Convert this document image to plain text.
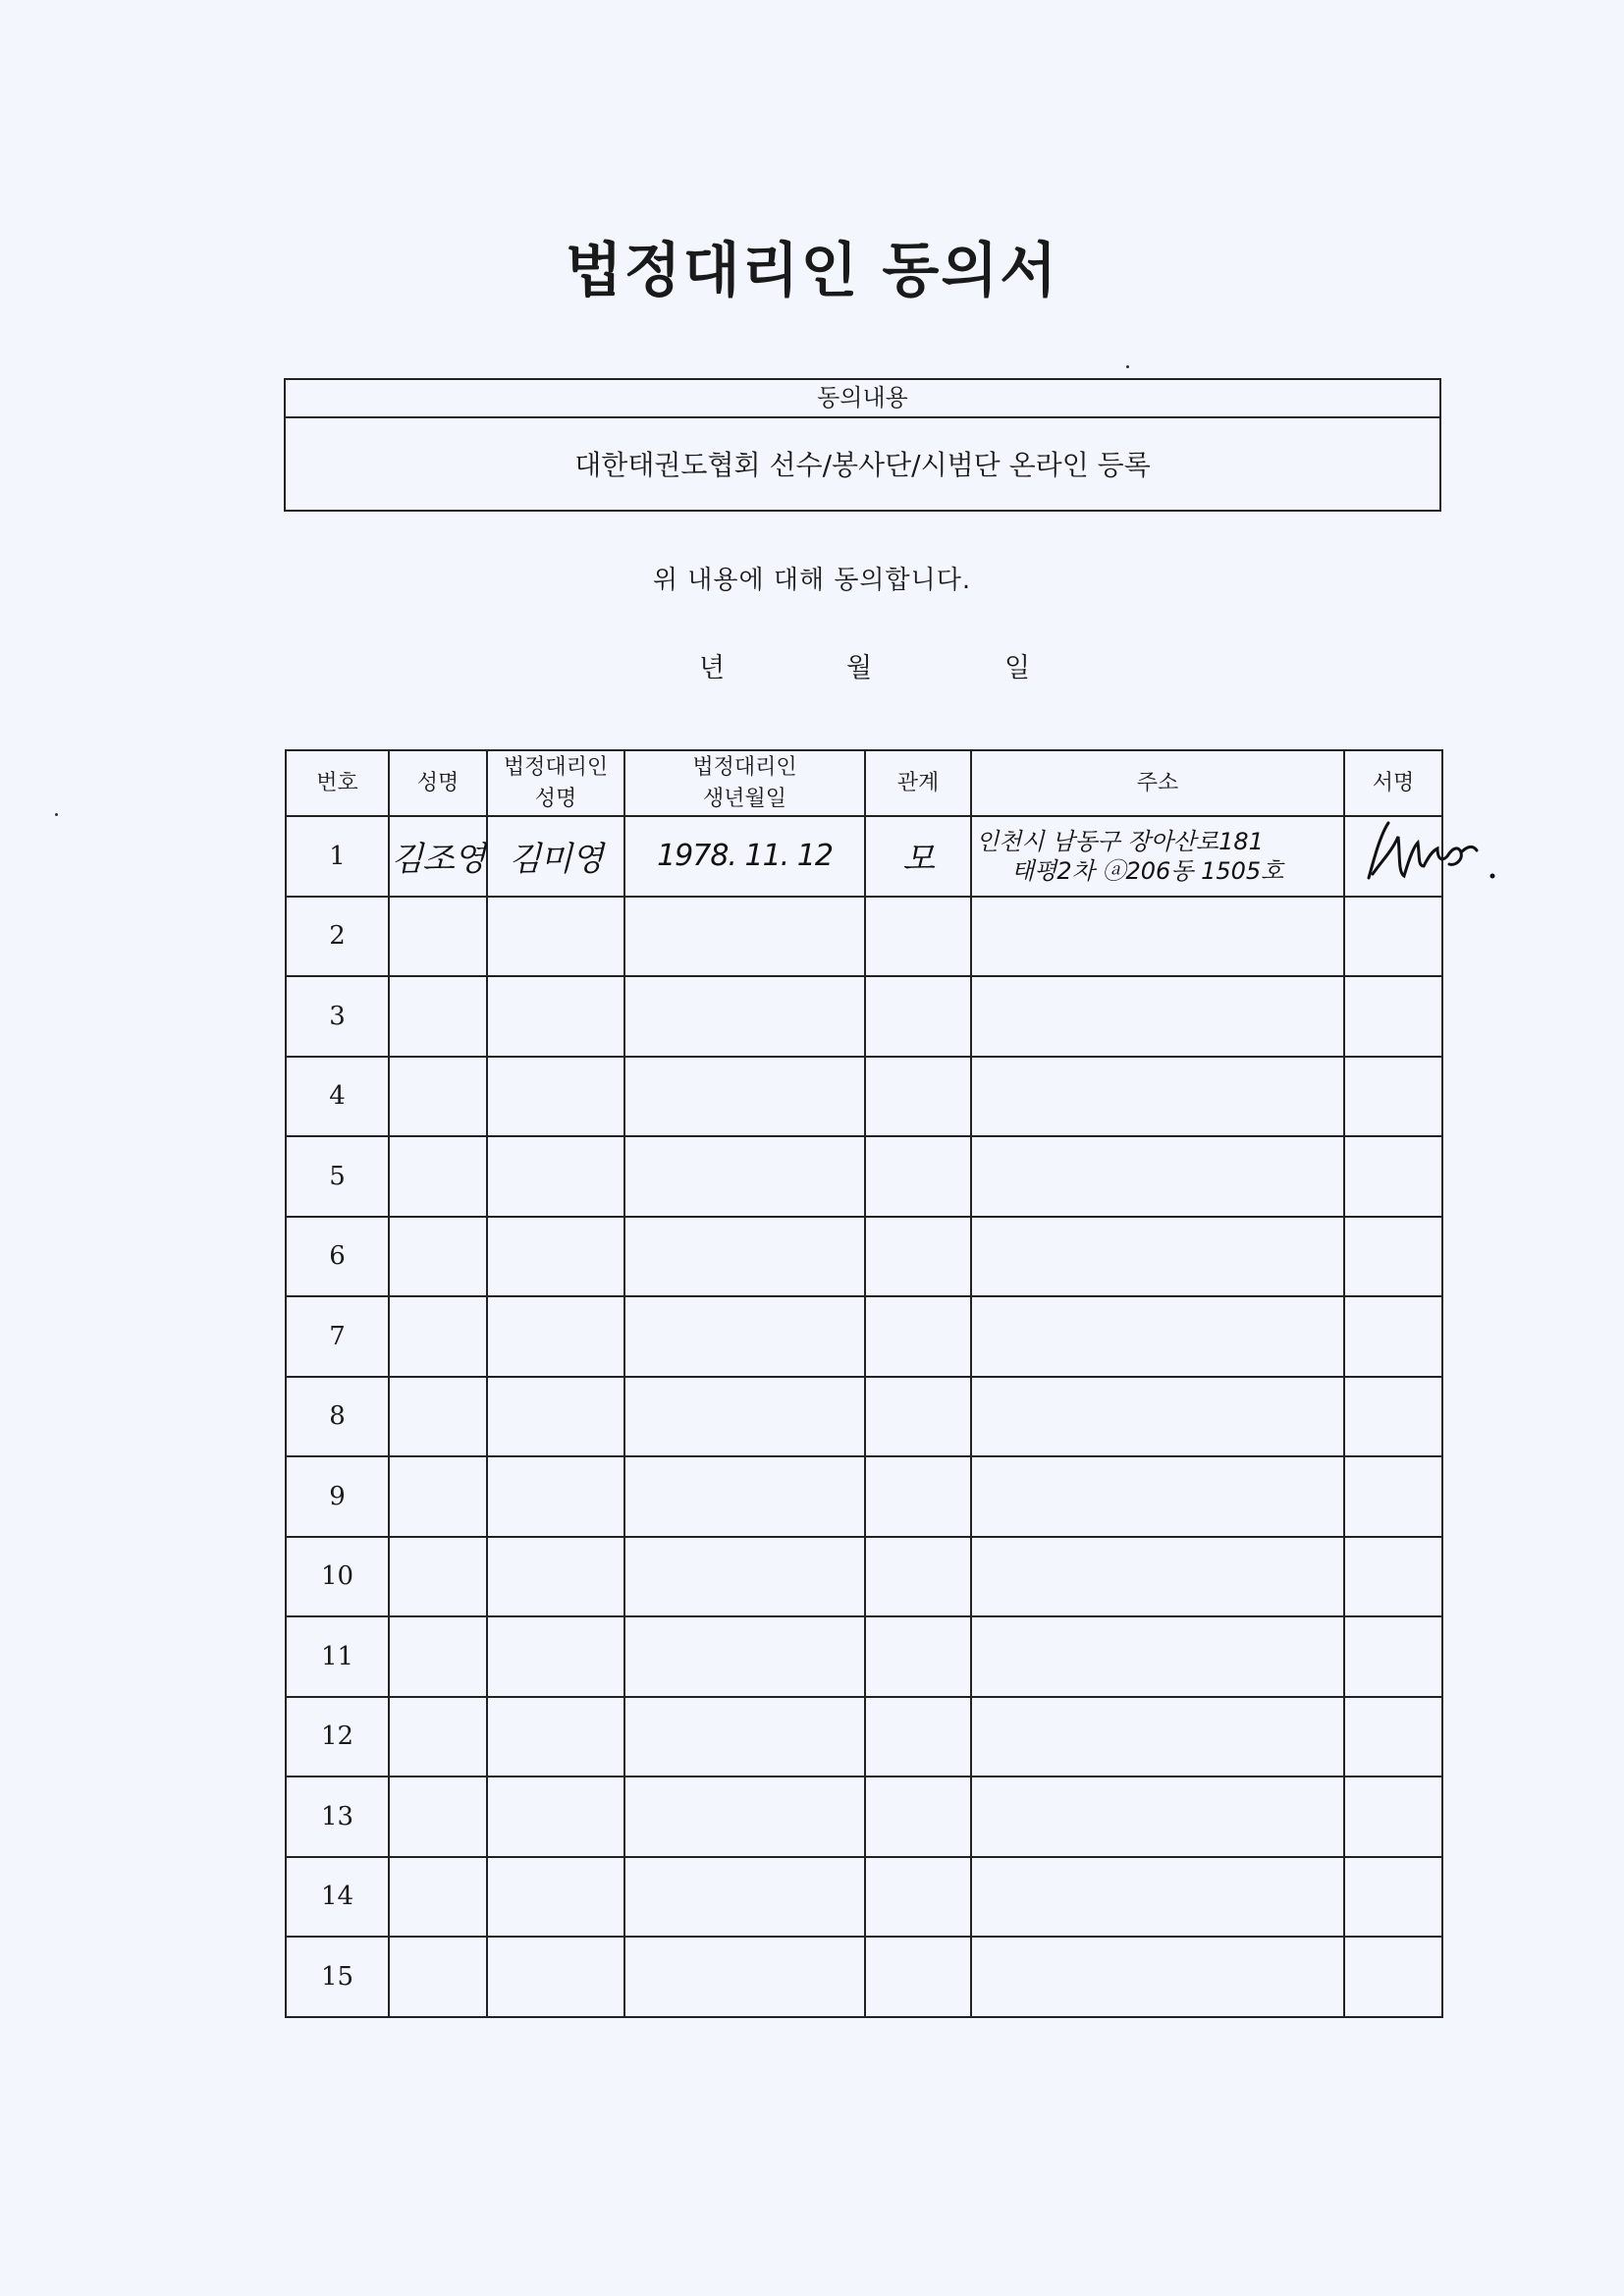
법정대리인 동의서
동의내용
대한태권도협회 선수/봉사단/시범단 온라인 등록
위 내용에 대해 동의합니다.
년	월	일
번호	성명	법정대리인 성명	법정대리인 생년월일	관계	주소	서명
1	김조영	김미영	1978. 11. 12	모	인천시 남동구 장아산로181
태평2차 ⓐ206동 1505호

2						
3						
4						
5						
6						
7						
8						
9						
10						
11						
12						
13						
14						
15						
